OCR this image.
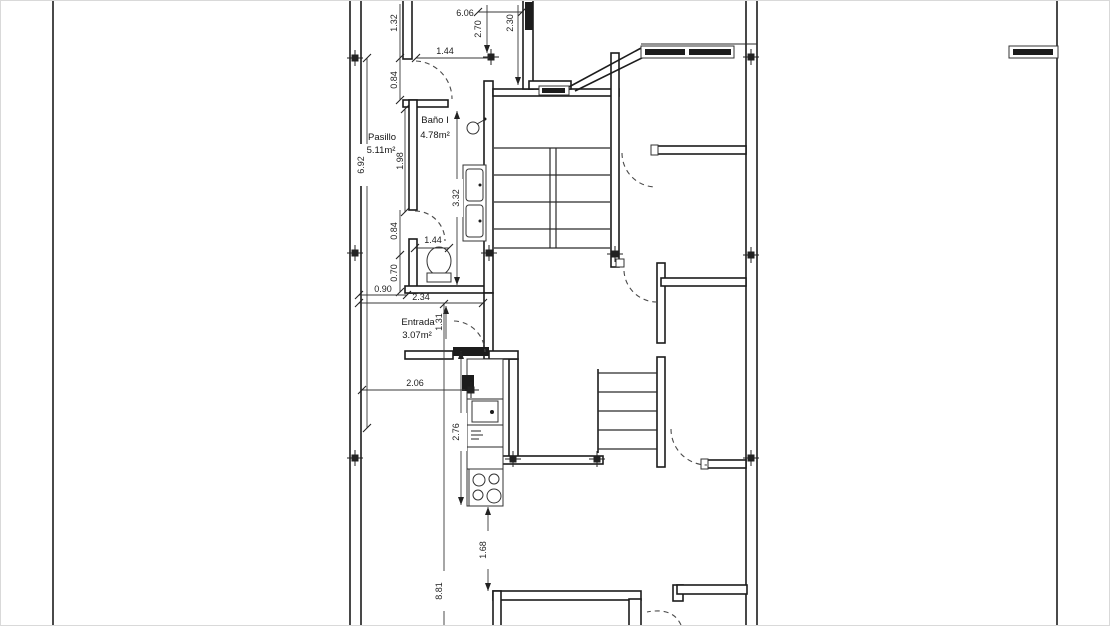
6.06
2.70 2.30
1.32
0.84
1.44
6.92	1.98
3.32
0.84
1.44
0.70
0.90
2.34
1.31
2.06
2.76
1.68
8.81
Pasillo
5.11m²
Baño I
4.78m²
Entrada
3.07m²
